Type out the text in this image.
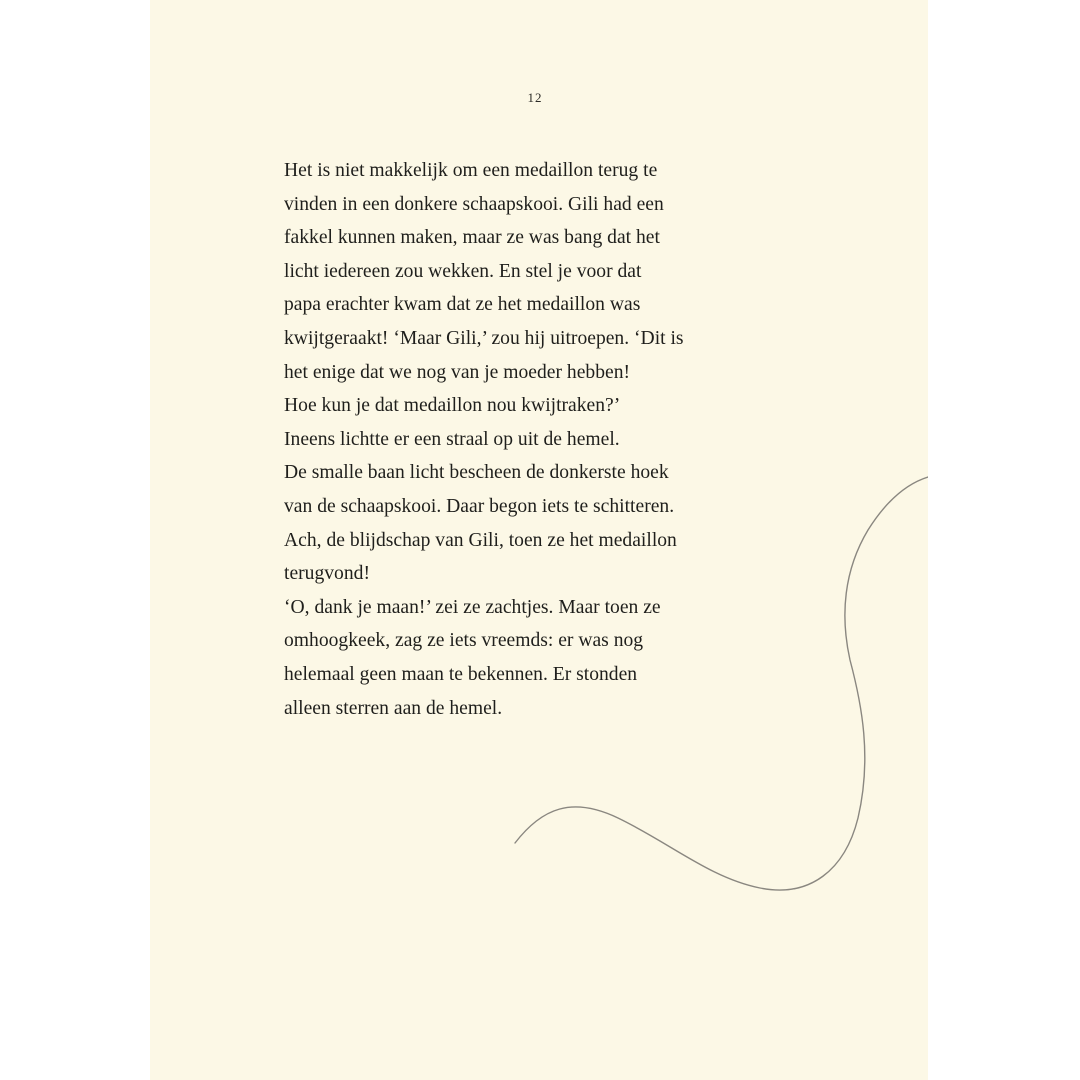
12
Het is niet makkelijk om een medaillon terug te
vinden in een donkere schaapskooi. Gili had een
fakkel kunnen maken, maar ze was bang dat het
licht iedereen zou wekken. En stel je voor dat
papa erachter kwam dat ze het medaillon was
kwijtgeraakt! ‘Maar Gili,’ zou hij uitroepen. ‘Dit is
het enige dat we nog van je moeder hebben!
Hoe kun je dat medaillon nou kwijtraken?’
Ineens lichtte er een straal op uit de hemel.
De smalle baan licht bescheen de donkerste hoek
van de schaapskooi. Daar begon iets te schitteren.
Ach, de blijdschap van Gili, toen ze het medaillon
terugvond!
‘O, dank je maan!’ zei ze zachtjes. Maar toen ze
omhoogkeek, zag ze iets vreemds: er was nog
helemaal geen maan te bekennen. Er stonden
alleen sterren aan de hemel.
